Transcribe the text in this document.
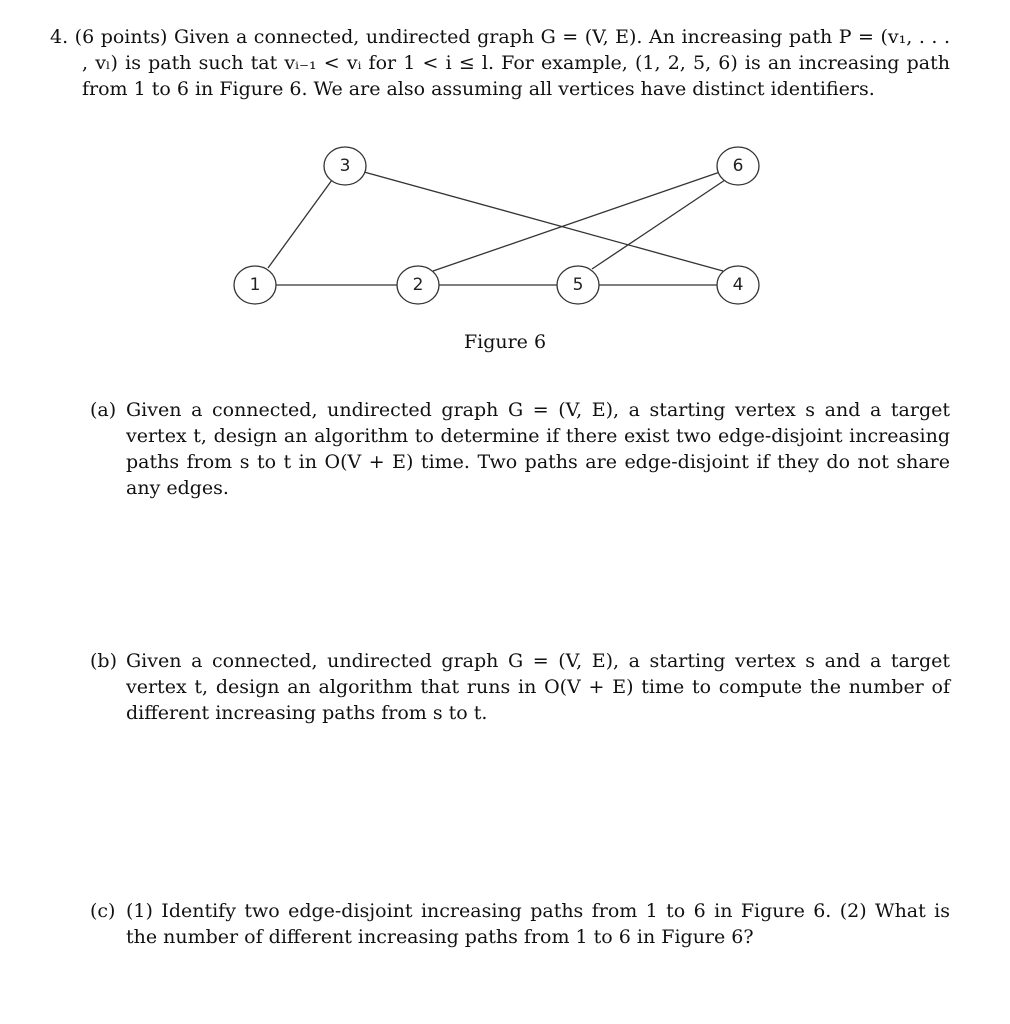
4. (6 points) Given a connected, undirected graph G = (V, E). An increasing path P = (v₁, . . . , vₗ) is path such tat vᵢ₋₁ < vᵢ for 1 < i ≤ l. For example, (1, 2, 5, 6) is an increasing path from 1 to 6 in Figure 6. We are also assuming all vertices have distinct identifiers.
1	2
3
4
5
6
Figure 6
(a) Given a connected, undirected graph G = (V, E), a starting vertex s and a target vertex t, design an algorithm to determine if there exist two edge-disjoint increasing paths from s to t in O(V + E) time. Two paths are edge-disjoint if they do not share any edges.
(b) Given a connected, undirected graph G = (V, E), a starting vertex s and a target vertex t, design an algorithm that runs in O(V + E) time to compute the number of different increasing paths from s to t.
(c) (1) Identify two edge-disjoint increasing paths from 1 to 6 in Figure 6. (2) What is the number of different increasing paths from 1 to 6 in Figure 6?
